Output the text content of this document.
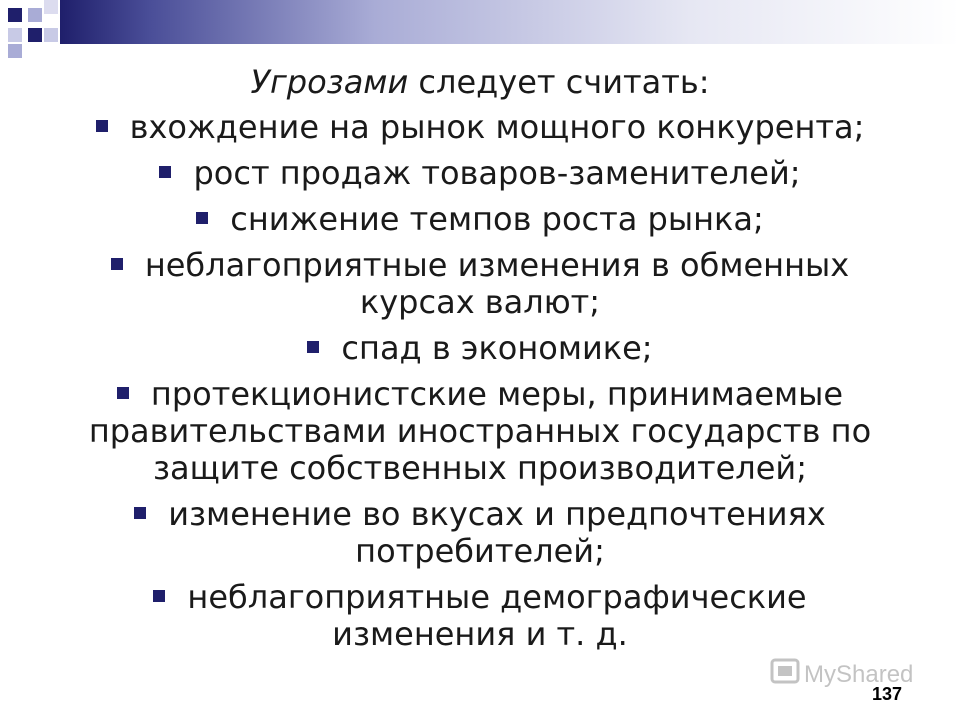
Угрозами следует считать:
вхождение на рынок мощного конкурента;
рост продаж товаров-заменителей;
снижение темпов роста рынка;
неблагоприятные изменения в обменных
курсах валют;
спад в экономике;
протекционистские меры, принимаемые
правительствами иностранных государств по
защите собственных производителей;
изменение во вкусах и предпочтениях
потребителей;
неблагоприятные демографические
изменения и т. д.
MyShared
137
